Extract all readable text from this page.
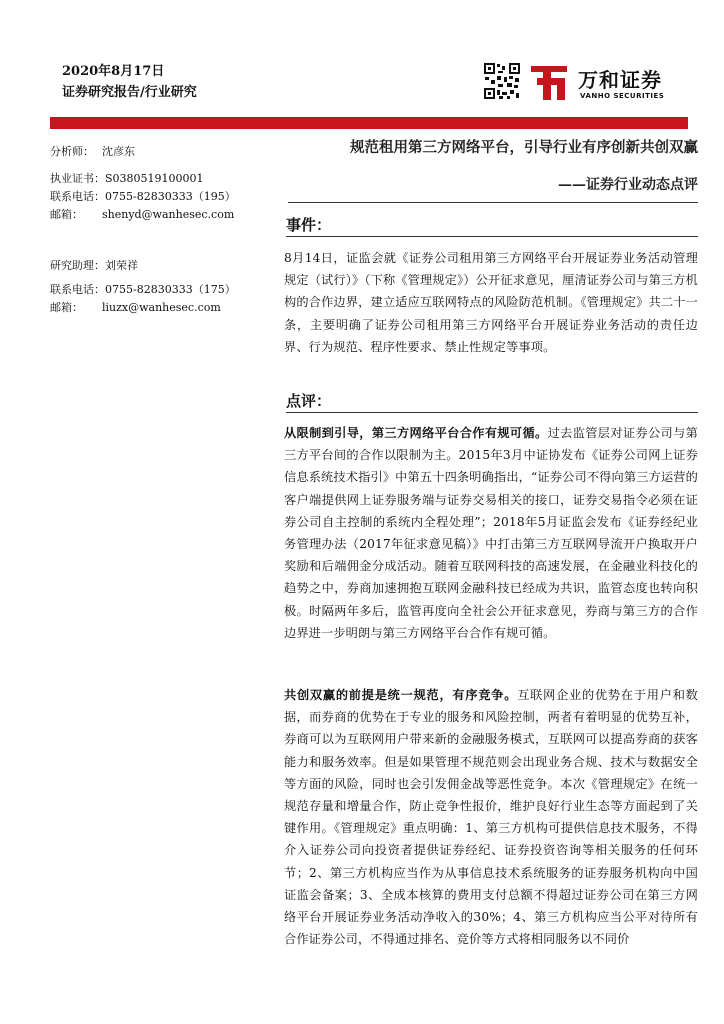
2020年8月17日
证券研究报告/行业研究
万和证券
VANHO SECURITIES
分析师： 沈彦东
执业证书：S0380519100001
联系电话：0755-82830333（195）
邮箱： shenyd@wanhesec.com
研究助理：刘荣祥
联系电话：0755-82830333（175）
邮箱： liuzx@wanhesec.com
规范租用第三方网络平台，引导行业有序创新共创双赢
——证券行业动态点评
事件：
8月14日，证监会就《证券公司租用第三方网络平台开展证券业务活动管理规定（试行）》（下称《管理规定》）公开征求意见，厘清证券公司与第三方机构的合作边界，建立适应互联网特点的风险防范机制。《管理规定》共二十一条，主要明确了证券公司租用第三方网络平台开展证券业务活动的责任边界、行为规范、程序性要求、禁止性规定等事项。
点评：
从限制到引导，第三方网络平台合作有规可循。过去监管层对证券公司与第三方平台间的合作以限制为主。2015年3月中证协发布《证券公司网上证券信息系统技术指引》中第五十四条明确指出，“证券公司不得向第三方运营的客户端提供网上证券服务端与证券交易相关的接口，证券交易指令必须在证券公司自主控制的系统内全程处理”；2018年5月证监会发布《证券经纪业务管理办法（2017年征求意见稿）》中打击第三方互联网导流开户换取开户奖励和后端佣金分成活动。随着互联网科技的高速发展，在金融业科技化的趋势之中，券商加速拥抱互联网金融科技已经成为共识，监管态度也转向积极。时隔两年多后，监管再度向全社会公开征求意见，券商与第三方的合作边界进一步明朗与第三方网络平台合作有规可循。
共创双赢的前提是统一规范，有序竞争。互联网企业的优势在于用户和数据，而券商的优势在于专业的服务和风险控制，两者有着明显的优势互补，券商可以为互联网用户带来新的金融服务模式，互联网可以提高券商的获客能力和服务效率。但是如果管理不规范则会出现业务合规、技术与数据安全等方面的风险，同时也会引发佣金战等恶性竞争。本次《管理规定》在统一规范存量和增量合作，防止竞争性报价，维护良好行业生态等方面起到了关键作用。《管理规定》重点明确：1、第三方机构可提供信息技术服务，不得介入证券公司向投资者提供证券经纪、证券投资咨询等相关服务的任何环节；2、第三方机构应当作为从事信息技术系统服务的证券服务机构向中国证监会备案；3、全成本核算的费用支付总额不得超过证券公司在第三方网络平台开展证券业务活动净收入的30%；4、第三方机构应当公平对待所有合作证券公司，不得通过排名、竞价等方式将相同服务以不同价
